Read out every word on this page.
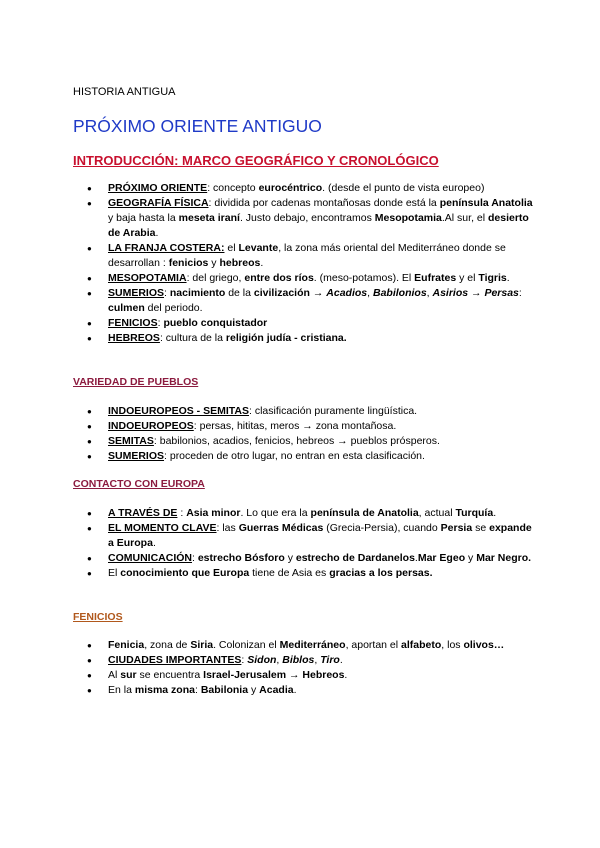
HISTORIA ANTIGUA
PRÓXIMO ORIENTE ANTIGUO
INTRODUCCIÓN: MARCO GEOGRÁFICO Y CRONOLÓGICO
● PRÓXIMO ORIENTE: concepto eurocéntrico. (desde el punto de vista europeo)
● GEOGRAFÍA FÍSICA: dividida por cadenas montañosas donde está la península Anatolia y baja hasta la meseta iraní. Justo debajo, encontramos Mesopotamia.Al sur, el desierto de Arabia.
● LA FRANJA COSTERA: el Levante, la zona más oriental del Mediterráneo donde se desarrollan : fenicios y hebreos.
● MESOPOTAMIA: del griego, entre dos ríos. (meso-potamos). El Eufrates y el Tigris.
● SUMERIOS: nacimiento de la civilización → Acadios, Babilonios, Asirios → Persas: culmen del periodo.
● FENICIOS: pueblo conquistador
● HEBREOS: cultura de la religión judía - cristiana.
VARIEDAD DE PUEBLOS
● INDOEUROPEOS - SEMITAS: clasificación puramente lingüística.
● INDOEUROPEOS: persas, hititas, meros → zona montañosa.
● SEMITAS: babilonios, acadios, fenicios, hebreos → pueblos prósperos.
● SUMERIOS: proceden de otro lugar, no entran en esta clasificación.
CONTACTO CON EUROPA
● A TRAVÉS DE : Asia minor. Lo que era la península de Anatolia, actual Turquía.
● EL MOMENTO CLAVE: las Guerras Médicas (Grecia-Persia), cuando Persia se expande a Europa.
● COMUNICACIÓN: estrecho Bósforo y estrecho de Dardanelos.Mar Egeo y Mar Negro.
● El conocimiento que Europa tiene de Asia es gracias a los persas.
FENICIOS
● Fenicia, zona de Siria. Colonizan el Mediterráneo, aportan el alfabeto, los olivos…
● CIUDADES IMPORTANTES: Sidon, Biblos, Tiro.
● Al sur se encuentra Israel-Jerusalem → Hebreos.
● En la misma zona: Babilonia y Acadia.
